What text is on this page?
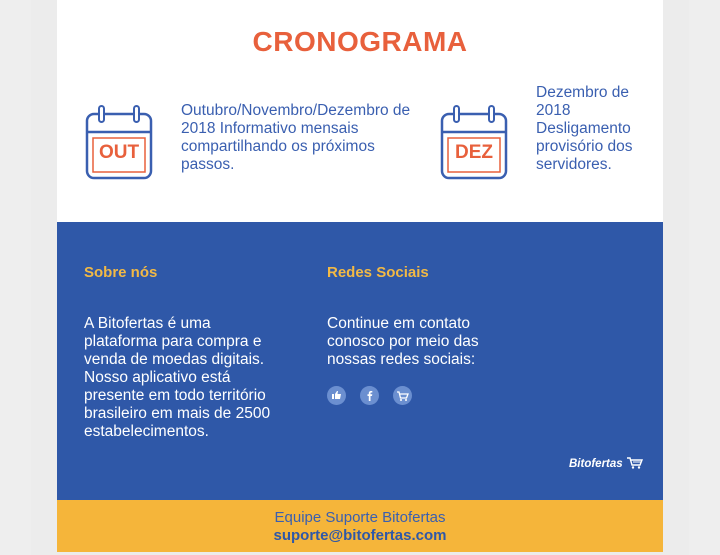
CRONOGRAMA
OUT
Outubro/Novembro/Dezembro de 2018 Informativo mensais compartilhando os próximos passos.
DEZ
Dezembro de 2018 Desligamento provisório dos servidores.
Sobre nós
A Bitofertas é uma plataforma para compra e venda de moedas digitais. Nosso aplicativo está presente em todo território brasileiro em mais de 2500 estabelecimentos.
Redes Sociais
Continue em contato conosco por meio das nossas redes sociais:
Bitofertas
Equipe Suporte Bitofertas
suporte@bitofertas.com
